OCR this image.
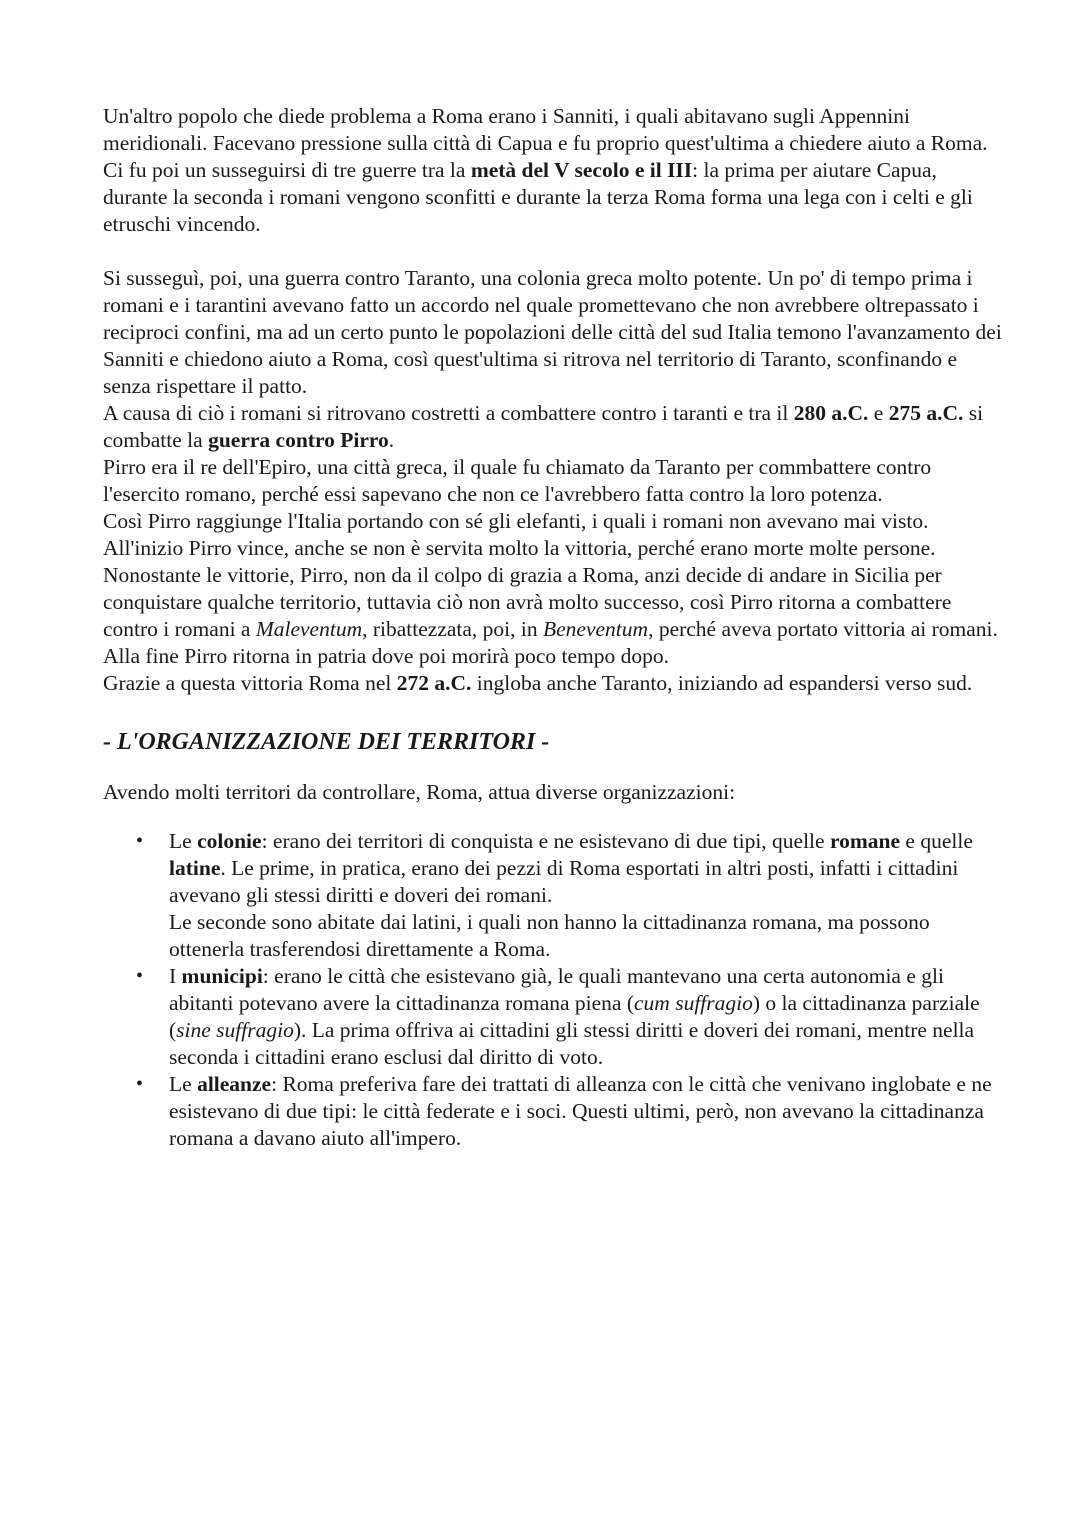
Un'altro popolo che diede problema a Roma erano i Sanniti, i quali abitavano sugli Appennini meridionali. Facevano pressione sulla città di Capua e fu proprio quest'ultima a chiedere aiuto a Roma.

Ci fu poi un susseguirsi di tre guerre tra la metà del V secolo e il III: la prima per aiutare Capua, durante la seconda i romani vengono sconfitti e durante la terza Roma forma una lega con i celti e gli etruschi vincendo.

Si susseguì, poi, una guerra contro Taranto, una colonia greca molto potente. Un po' di tempo prima i romani e i tarantini avevano fatto un accordo nel quale promettevano che non avrebbere oltrepassato i reciproci confini, ma ad un certo punto le popolazioni delle città del sud Italia temono l'avanzamento dei Sanniti e chiedono aiuto a Roma, così quest'ultima si ritrova nel territorio di Taranto, sconfinando e senza rispettare il patto.

A causa di ciò i romani si ritrovano costretti a combattere contro i taranti e tra il 280 a.C. e 275 a.C. si combatte la guerra contro Pirro.

Pirro era il re dell'Epiro, una città greca, il quale fu chiamato da Taranto per commbattere contro l'esercito romano, perché essi sapevano che non ce l'avrebbero fatta contro la loro potenza.

Così Pirro raggiunge l'Italia portando con sé gli elefanti, i quali i romani non avevano mai visto.

All'inizio Pirro vince, anche se non è servita molto la vittoria, perché erano morte molte persone. Nonostante le vittorie, Pirro, non da il colpo di grazia a Roma, anzi decide di andare in Sicilia per conquistare qualche territorio, tuttavia ciò non avrà molto successo, così Pirro ritorna a combattere contro i romani a Maleventum, ribattezzata, poi, in Beneventum, perché aveva portato vittoria ai romani.

Alla fine Pirro ritorna in patria dove poi morirà poco tempo dopo.

Grazie a questa vittoria Roma nel 272 a.C. ingloba anche Taranto, iniziando ad espandersi verso sud.

- L'ORGANIZZAZIONE DEI TERRITORI -

Avendo molti territori da controllare, Roma, attua diverse organizzazioni:

• Le colonie: erano dei territori di conquista e ne esistevano di due tipi, quelle romane e quelle latine. Le prime, in pratica, erano dei pezzi di Roma esportati in altri posti, infatti i cittadini avevano gli stessi diritti e doveri dei romani.
Le seconde sono abitate dai latini, i quali non hanno la cittadinanza romana, ma possono ottenerla trasferendosi direttamente a Roma.
• I municipi: erano le città che esistevano già, le quali mantevano una certa autonomia e gli abitanti potevano avere la cittadinanza romana piena (cum suffragio) o la cittadinanza parziale (sine suffragio). La prima offriva ai cittadini gli stessi diritti e doveri dei romani, mentre nella seconda i cittadini erano esclusi dal diritto di voto.
• Le alleanze: Roma preferiva fare dei trattati di alleanza con le città che venivano inglobate e ne esistevano di due tipi: le città federate e i soci. Questi ultimi, però, non avevano la cittadinanza romana a davano aiuto all'impero.
